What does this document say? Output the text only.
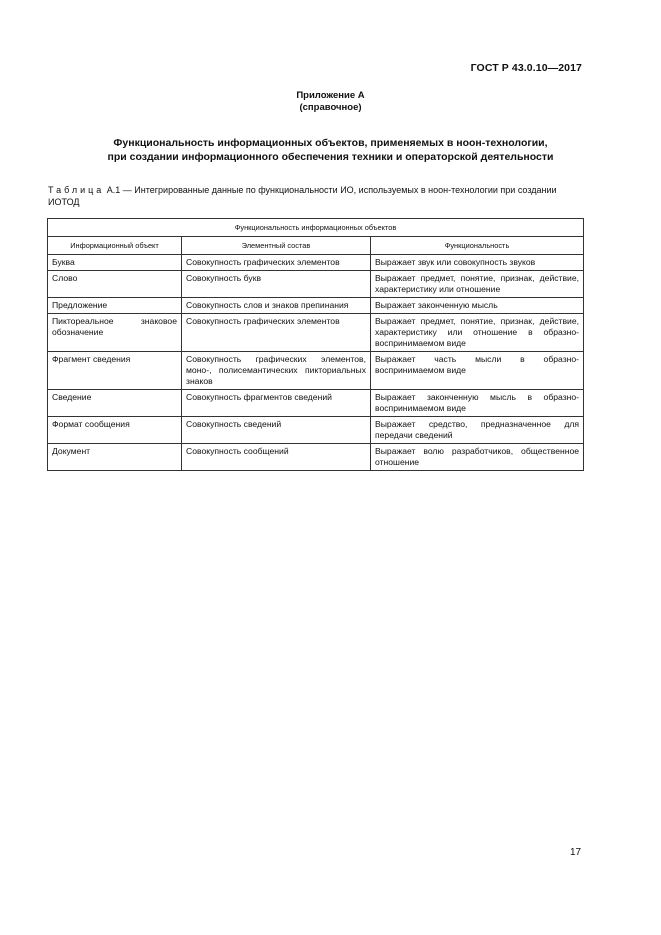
ГОСТ Р 43.0.10—2017
Приложение А
(справочное)
Функциональность информационных объектов, применяемых в ноон-технологии,
при создании информационного обеспечения техники и операторской деятельности
Таблица А.1 — Интегрированные данные по функциональности ИО, используемых в ноон-технологии при создании ИОТОД
Функциональность информационных объектов		
Информационный объект	Элементный состав	Функциональность
Буква	Совокупность графических элементов	Выражает звук или совокупность звуков
Слово	Совокупность букв	Выражает предмет, понятие, признак, действие, характеристику или отношение
Предложение	Совокупность слов и знаков препинания	Выражает законченную мысль
Пиктореальное знаковое обозначение	Совокупность графических элементов	Выражает предмет, понятие, признак, действие, характеристику или отношение в образно-воспринимаемом виде
Фрагмент сведения	Совокупность графических элементов, моно-, полисемантических пикториальных знаков	Выражает часть мысли в образно-воспринимаемом виде
Сведение	Совокупность фрагментов сведений	Выражает законченную мысль в образно-воспринимаемом виде
Формат сообщения	Совокупность сведений	Выражает средство, предназначенное для передачи сведений
Документ	Совокупность сообщений	Выражает волю разработчиков, общественное отношение
17
